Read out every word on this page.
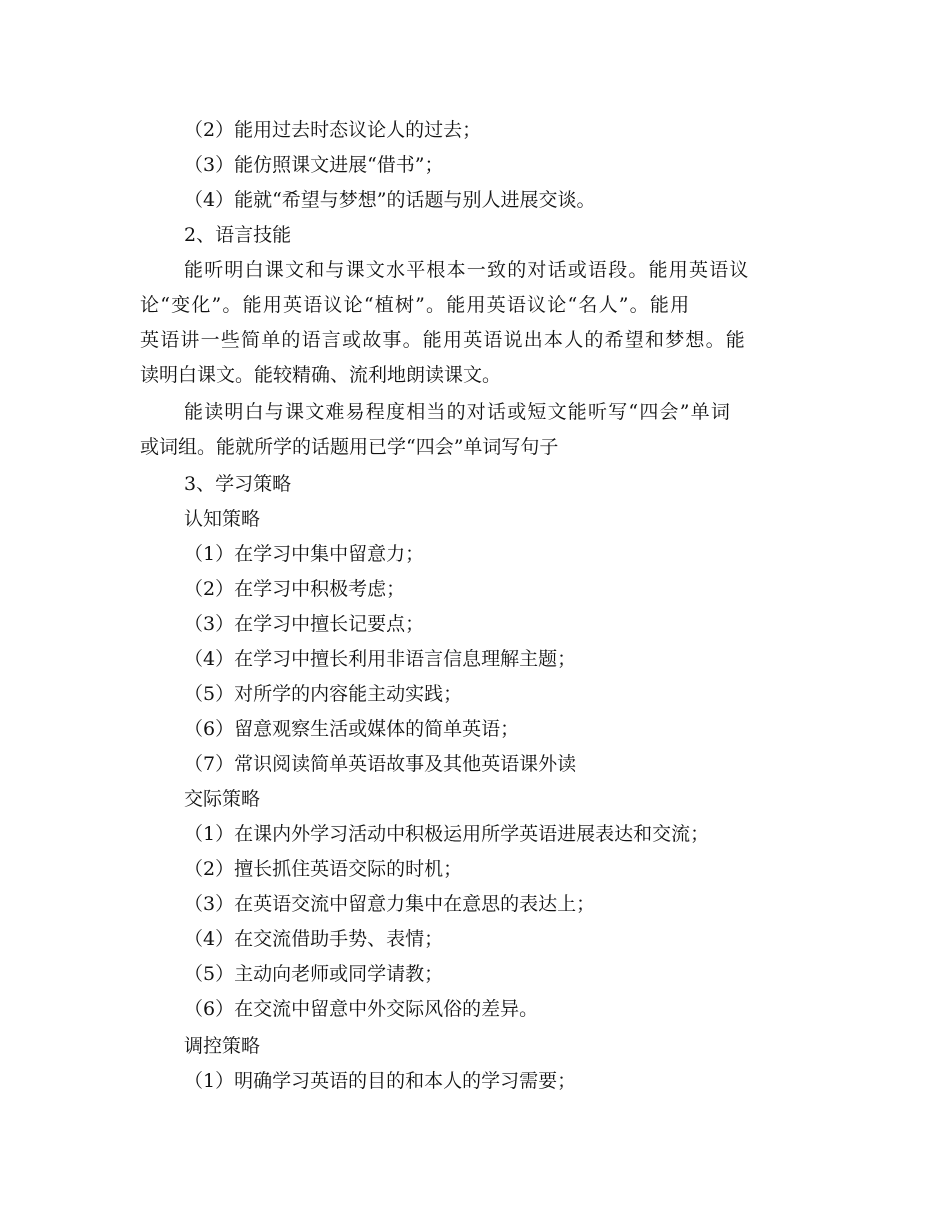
（2）能用过去时态议论人的过去；
（3）能仿照课文进展“借书”；
（4）能就“希望与梦想”的话题与别人进展交谈。
2、语言技能
能听明白课文和与课文水平根本一致的对话或语段。能用英语议
论“变化”。能用英语议论“植树”。能用英语议论“名人”。能用
英语讲一些简单的语言或故事。能用英语说出本人的希望和梦想。能
读明白课文。能较精确、流利地朗读课文。
能读明白与课文难易程度相当的对话或短文能听写“四会”单词
或词组。能就所学的话题用已学“四会”单词写句子
3、学习策略
认知策略
（1）在学习中集中留意力；
（2）在学习中积极考虑；
（3）在学习中擅长记要点；
（4）在学习中擅长利用非语言信息理解主题；
（5）对所学的内容能主动实践；
（6）留意观察生活或媒体的简单英语；
（7）常识阅读简单英语故事及其他英语课外读
交际策略
（1）在课内外学习活动中积极运用所学英语进展表达和交流；
（2）擅长抓住英语交际的时机；
（3）在英语交流中留意力集中在意思的表达上；
（4）在交流借助手势、表情；
（5）主动向老师或同学请教；
（6）在交流中留意中外交际风俗的差异。
调控策略
（1）明确学习英语的目的和本人的学习需要；
